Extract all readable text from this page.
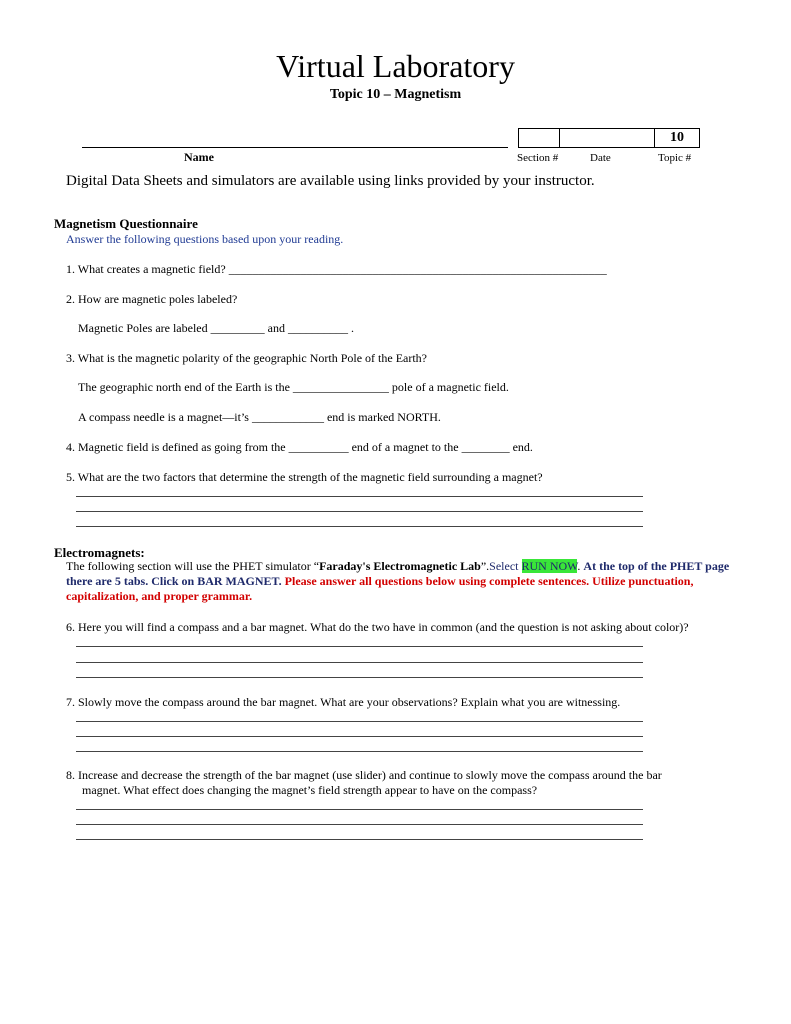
Virtual Laboratory
Topic 10 – Magnetism
10
Name	Section #	Date	Topic #
Digital Data Sheets and simulators are available using links provided by your instructor.
Magnetism Questionnaire
Answer the following questions based upon your reading.
1. What creates a magnetic field? _______________________________________________________________
2. How are magnetic poles labeled?
Magnetic Poles are labeled _________ and __________ .
3. What is the magnetic polarity of the geographic North Pole of the Earth?
The geographic north end of the Earth is the ________________ pole of a magnetic field.
A compass needle is a magnet—it’s ____________ end is marked NORTH.
4. Magnetic field is defined as going from the __________ end of a magnet to the ________ end.
5. What are the two factors that determine the strength of the magnetic field surrounding a magnet?
Electromagnets:
The following section will use the PHET simulator “Faraday's Electromagnetic Lab”.Select RUN NOW. At the top of the PHET page there are 5 tabs. Click on BAR MAGNET. Please answer all questions below using complete sentences. Utilize punctuation, capitalization, and proper grammar.
6. Here you will find a compass and a bar magnet. What do the two have in common (and the question is not asking about color)?
7. Slowly move the compass around the bar magnet. What are your observations? Explain what you are witnessing.
8. Increase and decrease the strength of the bar magnet (use slider) and continue to slowly move the compass around the bar
magnet. What effect does changing the magnet’s field strength appear to have on the compass?
